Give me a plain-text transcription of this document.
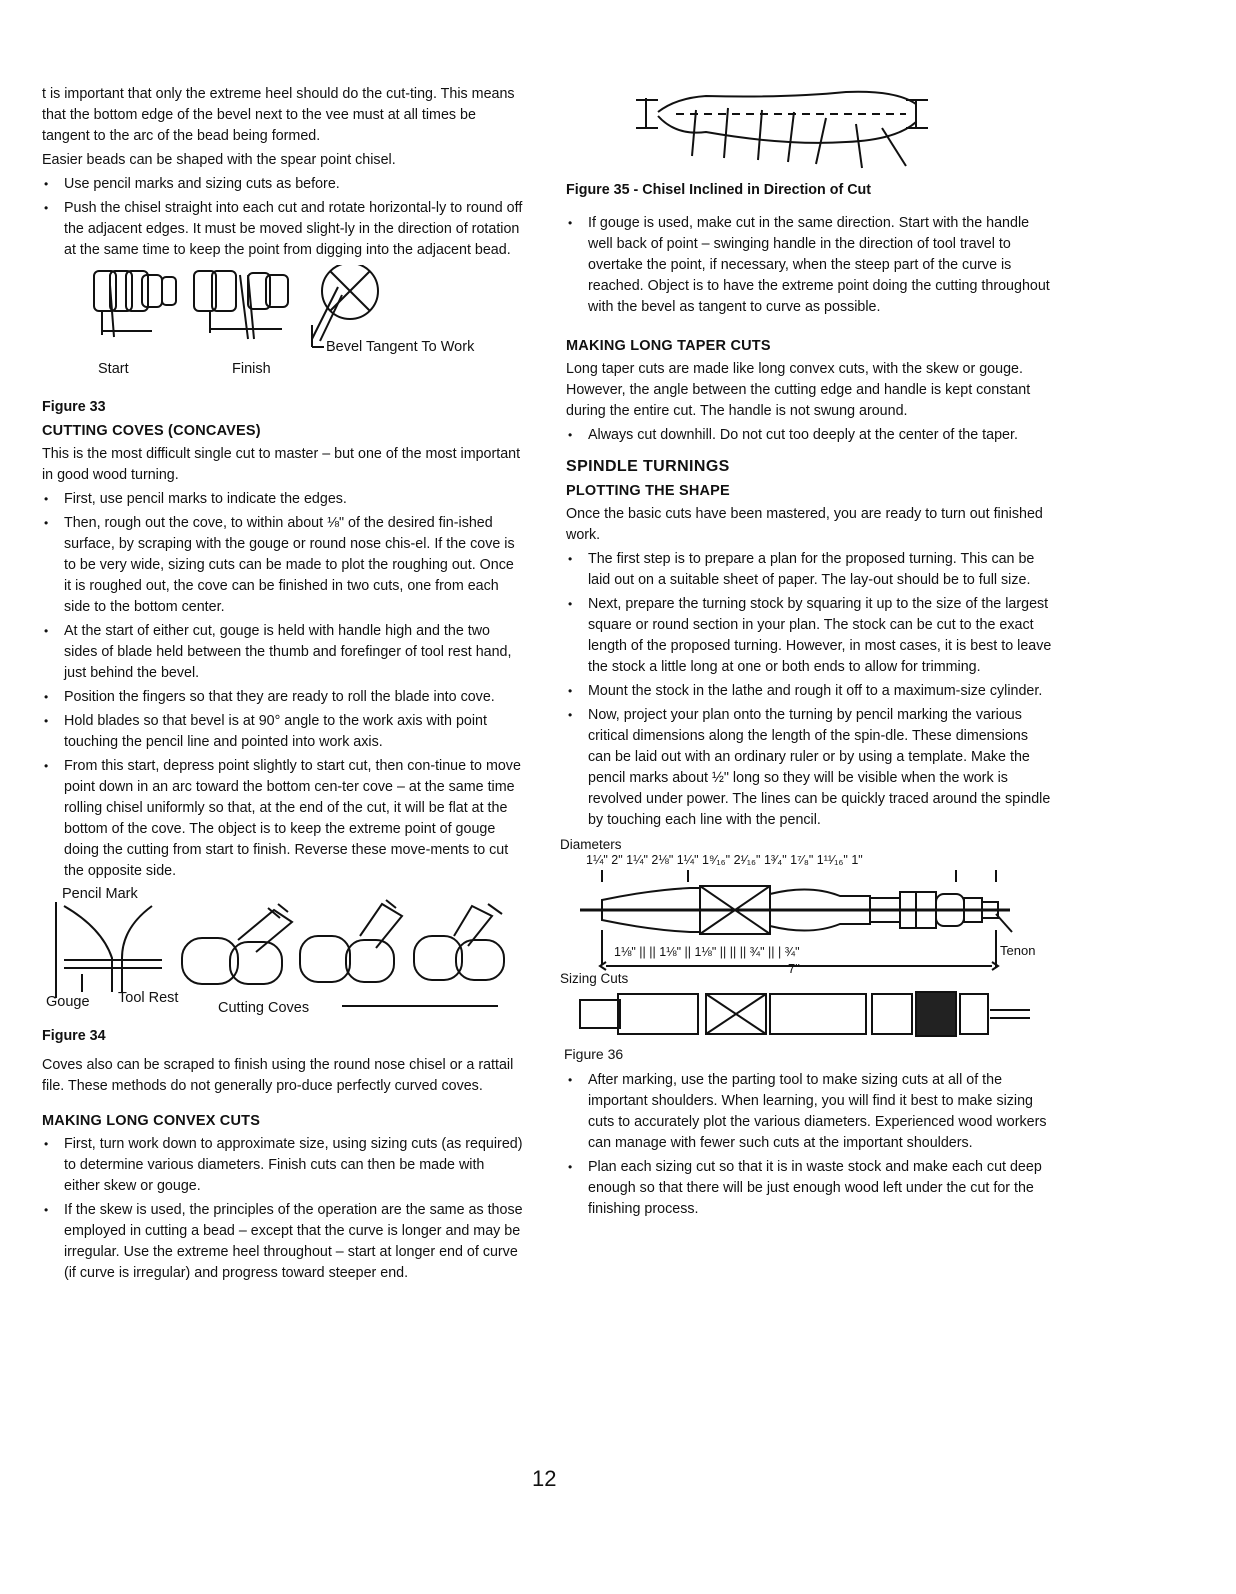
t is important that only the extreme heel should do the cut-ting. This means that the bottom edge of the bevel next to the vee must at all times be tangent to the arc of the bead being formed.

Easier beads can be shaped with the spear point chisel.

• Use pencil marks and sizing cuts as before.
• Push the chisel straight into each cut and rotate horizontal-ly to round off the adjacent edges. It must be moved slight-ly in the direction of rotation at the same time to keep the point from digging into the adjacent bead.
Start	Finish
Bevel Tangent To Work

Figure 33

CUTTING COVES (CONCAVES)

This is the most difficult single cut to master – but one of the most important in good wood turning.

• First, use pencil marks to indicate the edges.
• Then, rough out the cove, to within about ⅛" of the desired fin-ished surface, by scraping with the gouge or round nose chis-el. If the cove is to be very wide, sizing cuts can be made to plot the roughing out. Once it is roughed out, the cove can be finished in two cuts, one from each side to the bottom center.
• At the start of either cut, gouge is held with handle high and the two sides of blade held between the thumb and forefinger of tool rest hand, just behind the bevel.
• Position the fingers so that they are ready to roll the blade into cove.
• Hold blades so that bevel is at 90° angle to the work axis with point touching the pencil line and pointed into work axis.
• From this start, depress point slightly to start cut, then con-tinue to move point down in an arc toward the bottom cen-ter cove – at the same time rolling chisel uniformly so that, at the end of the cut, it will be flat at the bottom of the cove. The object is to keep the extreme point of gouge doing the cutting from start to finish. Reverse these move-ments to cut the opposite side.
Pencil Mark
Gouge Tool Rest
Cutting Coves

Figure 34

Coves also can be scraped to finish using the round nose chisel or a rattail file. These methods do not generally pro-duce perfectly curved coves.

MAKING LONG CONVEX CUTS

• First, turn work down to approximate size, using sizing cuts (as required) to determine various diameters. Finish cuts can then be made with either skew or gouge.
• If the skew is used, the principles of the operation are the same as those employed in cutting a bead – except that the curve is longer and may be irregular. Use the extreme heel throughout – start at longer end of curve (if curve is irregular) and progress toward steeper end.

Figure 35 - Chisel Inclined in Direction of Cut

• If gouge is used, make cut in the same direction. Start with the handle well back of point – swinging handle in the direction of tool travel to overtake the point, if necessary, when the steep part of the curve is reached. Object is to have the extreme point doing the cutting throughout with the bevel as tangent to curve as possible.

MAKING LONG TAPER CUTS

Long taper cuts are made like long convex cuts, with the skew or gouge. However, the angle between the cutting edge and handle is kept constant during the entire cut. The handle is not swung around.

• Always cut downhill. Do not cut too deeply at the center of the taper.

SPINDLE TURNINGS

PLOTTING THE SHAPE

Once the basic cuts have been mastered, you are ready to turn out finished work.

• The first step is to prepare a plan for the proposed turning. This can be laid out on a suitable sheet of paper. The lay-out should be to full size.
• Next, prepare the turning stock by squaring it up to the size of the largest square or round section in your plan. The stock can be cut to the exact length of the proposed turning. However, in most cases, it is best to leave the stock a little long at one or both ends to allow for trimming.
• Mount the stock in the lathe and rough it off to a maximum-size cylinder.
• Now, project your plan onto the turning by pencil marking the various critical dimensions along the length of the spin-dle. These dimensions can be laid out with an ordinary ruler or by using a template. Make the pencil marks about ½" long so they will be visible when the work is revolved under power. The lines can be quickly traced around the spindle by touching each line with the pencil.
Diameters
1¼" 2" 1¼" 2⅛" 1¼" 1⁹⁄₁₆" 2¹⁄₁₆" 1³⁄₄" 1⁷⁄₈" 1¹¹⁄₁₆" 1"
1⅛" || || 1⅛" || 1⅛" || || || ¾" || | ¾"
7"
Tenon
Sizing Cuts
Figure 36
• After marking, use the parting tool to make sizing cuts at all of the important shoulders. When learning, you will find it best to make sizing cuts to accurately plot the various diameters. Experienced wood workers can manage with fewer such cuts at the important shoulders.
• Plan each sizing cut so that it is in waste stock and make each cut deep enough so that there will be just enough wood left under the cut for the finishing process.
12
